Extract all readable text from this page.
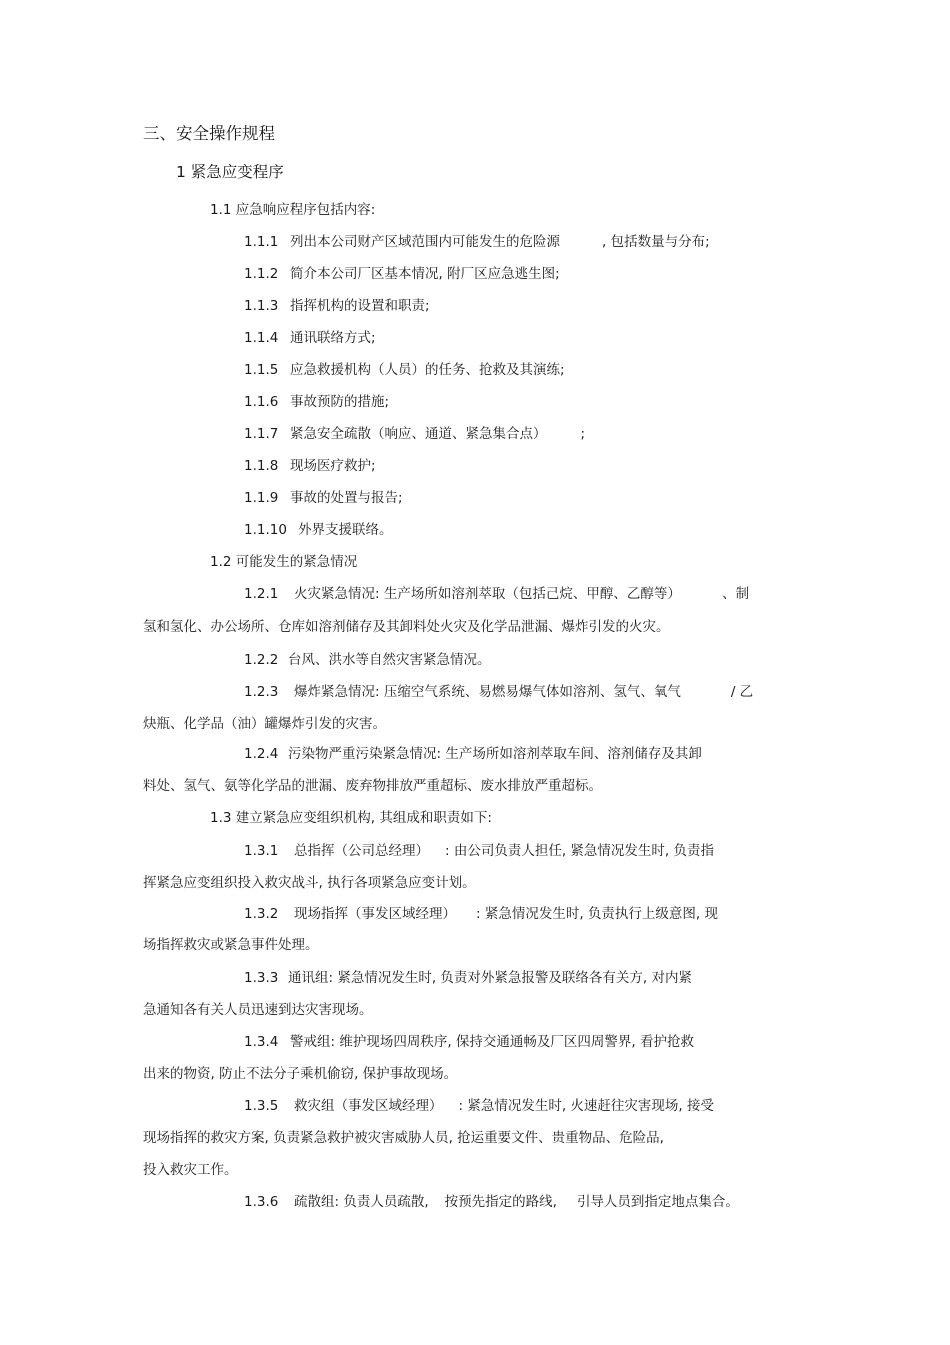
三、安全操作规程
1 紧急应变程序
1.1 应急响应程序包括内容:
1.1.1 列出本公司财产区域范围内可能发生的危险源	, 包括数量与分布;
1.1.2 简介本公司厂区基本情况, 附厂区应急逃生图;
1.1.3 指挥机构的设置和职责;
1.1.4 通讯联络方式;
1.1.5 应急救援机构（人员）的任务、抢救及其演练;
1.1.6 事故预防的措施;
1.1.7 紧急安全疏散（响应、通道、紧急集合点）	;
1.1.8 现场医疗救护;
1.1.9 事故的处置与报告;
1.1.10 外界支援联络。
1.2 可能发生的紧急情况
1.2.1 火灾紧急情况: 生产场所如溶剂萃取（包括己烷、甲醇、乙醇等）	、制
氢和氢化、办公场所、仓库如溶剂储存及其卸料处火灾及化学品泄漏、爆炸引发的火灾。
1.2.2 台风、洪水等自然灾害紧急情况。
1.2.3 爆炸紧急情况: 压缩空气系统、易燃易爆气体如溶剂、氢气、氧气	/ 乙
炔瓶、化学品（油）罐爆炸引发的灾害。
1.2.4 污染物严重污染紧急情况: 生产场所如溶剂萃取车间、溶剂储存及其卸
料处、氢气、氨等化学品的泄漏、废弃物排放严重超标、废水排放严重超标。
1.3 建立紧急应变组织机构, 其组成和职责如下:
1.3.1 总指挥（公司总经理） : 由公司负责人担任, 紧急情况发生时, 负责指
挥紧急应变组织投入救灾战斗, 执行各项紧急应变计划。
1.3.2 现场指挥（事发区域经理） : 紧急情况发生时, 负责执行上级意图, 现
场指挥救灾或紧急事件处理。
1.3.3 通讯组: 紧急情况发生时, 负责对外紧急报警及联络各有关方, 对内紧
急通知各有关人员迅速到达灾害现场。
1.3.4 警戒组: 维护现场四周秩序, 保持交通通畅及厂区四周警界, 看护抢救
出来的物资, 防止不法分子乘机偷窃, 保护事故现场。
1.3.5 救灾组（事发区域经理） : 紧急情况发生时, 火速赶往灾害现场, 接受
现场指挥的救灾方案, 负责紧急救护被灾害威胁人员, 抢运重要文件、贵重物品、危险品,
投入救灾工作。
1.3.6 疏散组: 负责人员疏散, 按预先指定的路线, 引导人员到指定地点集合。
